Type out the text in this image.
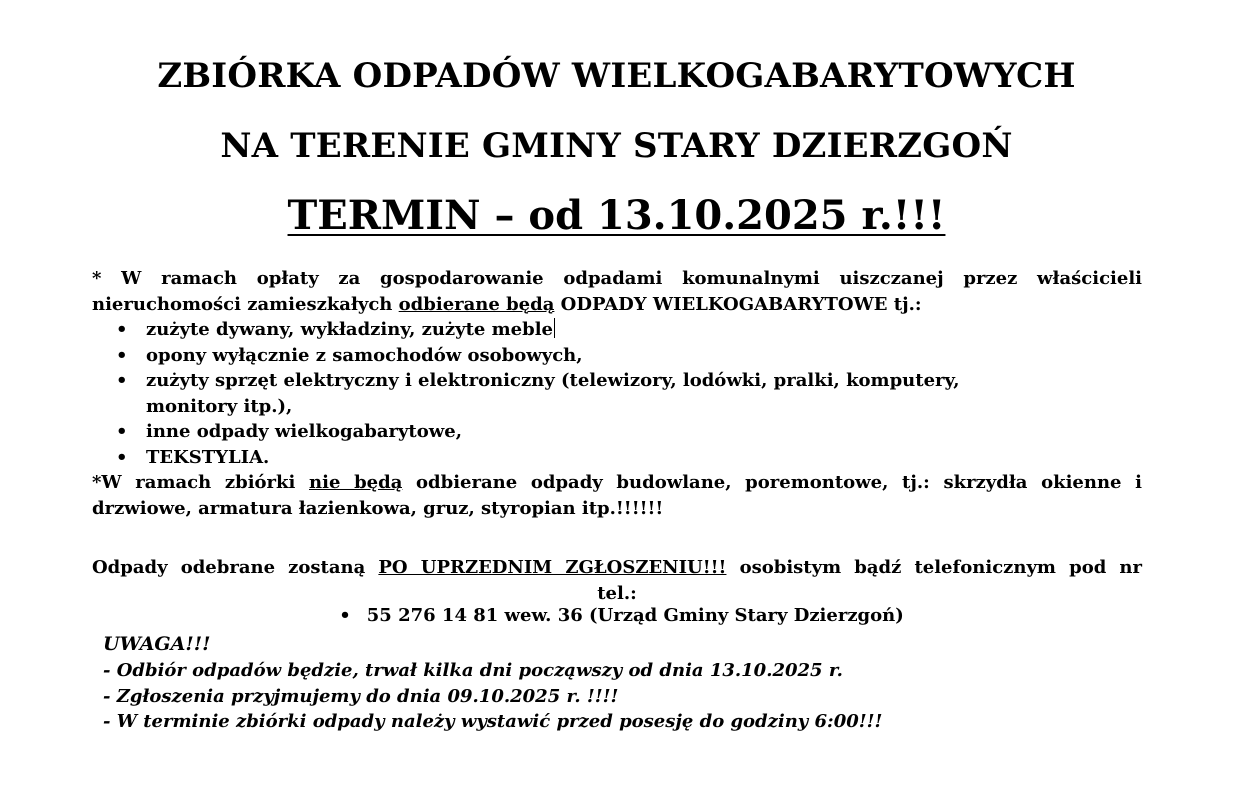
ZBIÓRKA ODPADÓW WIELKOGABARYTOWYCH
NA TERENIE GMINY STARY DZIERZGOŃ
TERMIN – od 13.10.2025 r.!!!
* W ramach opłaty za gospodarowanie odpadami komunalnymi uiszczanej przez właścicieli
nieruchomości zamieszkałych odbierane będą ODPADY WIELKOGABARYTOWE tj.:
• zużyte dywany, wykładziny, zużyte meble
• opony wyłącznie z samochodów osobowych,
• zużyty sprzęt elektryczny i elektroniczny (telewizory, lodówki, pralki, komputery,
monitory itp.),
• inne odpady wielkogabarytowe,
• TEKSTYLIA.
*W ramach zbiórki nie będą odbierane odpady budowlane, poremontowe, tj.: skrzydła okienne i
drzwiowe, armatura łazienkowa, gruz, styropian itp.!!!!!!
Odpady odebrane zostaną PO UPRZEDNIM ZGŁOSZENIU!!! osobistym bądź telefonicznym pod nr
tel.:
• 55 276 14 81 wew. 36 (Urząd Gminy Stary Dzierzgoń)
UWAGA!!!
- Odbiór odpadów będzie, trwał kilka dni począwszy od dnia 13.10.2025 r.
- Zgłoszenia przyjmujemy do dnia 09.10.2025 r. !!!!
- W terminie zbiórki odpady należy wystawić przed posesję do godziny 6:00!!!
